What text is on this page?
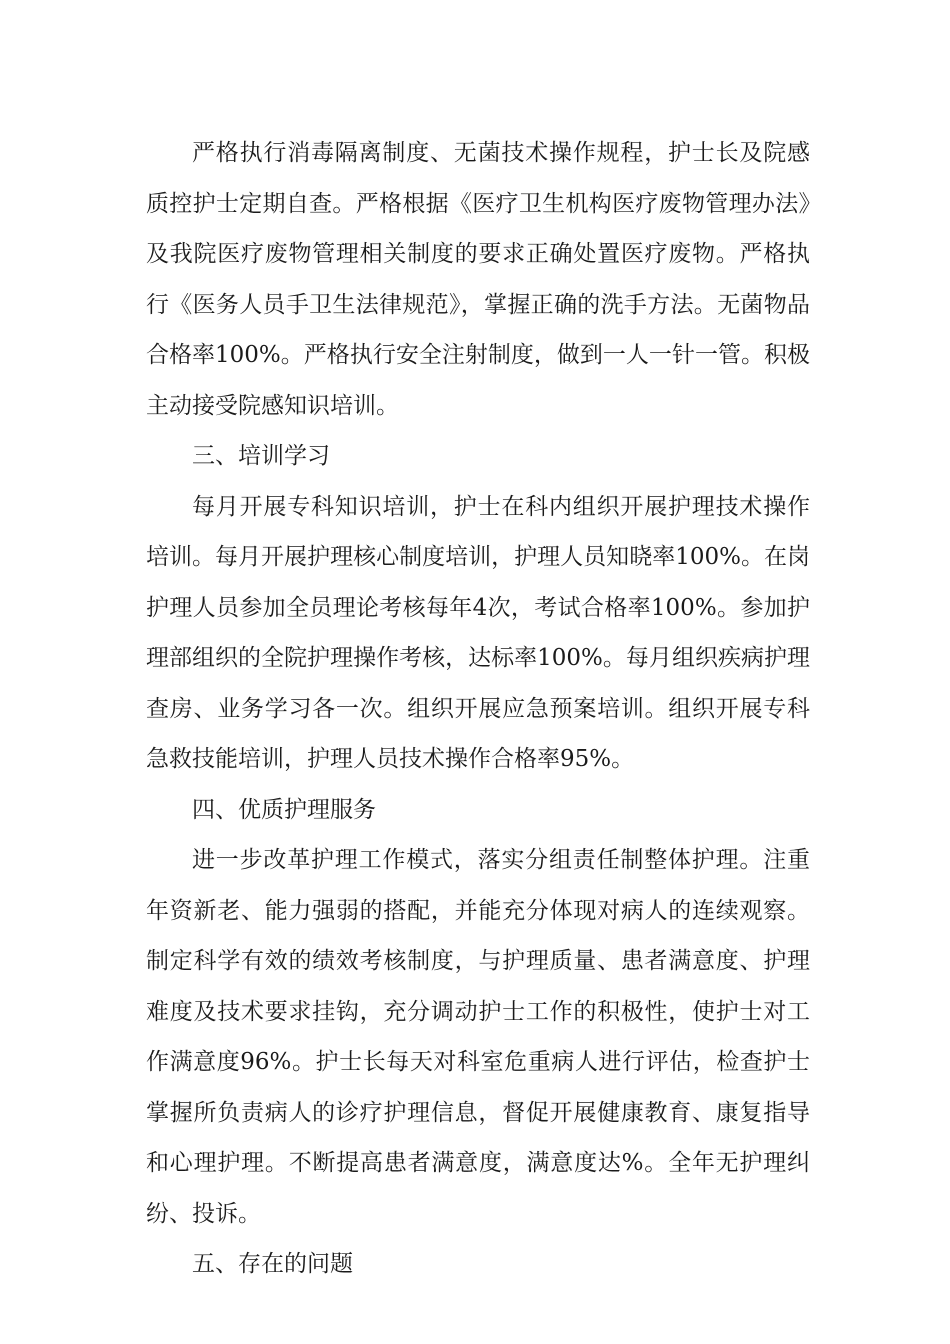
严格执行消毒隔离制度、无菌技术操作规程，护士长及院感质控护士定期自查。严格根据《医疗卫生机构医疗废物管理办法》及我院医疗废物管理相关制度的要求正确处置医疗废物。严格执行《医务人员手卫生法律规范》，掌握正确的洗手方法。无菌物品合格率100%。严格执行安全注射制度，做到一人一针一管。积极主动接受院感知识培训。

三、培训学习

每月开展专科知识培训，护士在科内组织开展护理技术操作培训。每月开展护理核心制度培训，护理人员知晓率100%。在岗护理人员参加全员理论考核每年4次，考试合格率100%。参加护理部组织的全院护理操作考核，达标率100%。每月组织疾病护理查房、业务学习各一次。组织开展应急预案培训。组织开展专科急救技能培训，护理人员技术操作合格率95%。

四、优质护理服务

进一步改革护理工作模式，落实分组责任制整体护理。注重年资新老、能力强弱的搭配，并能充分体现对病人的连续观察。制定科学有效的绩效考核制度，与护理质量、患者满意度、护理难度及技术要求挂钩，充分调动护士工作的积极性，使护士对工作满意度96%。护士长每天对科室危重病人进行评估，检查护士掌握所负责病人的诊疗护理信息，督促开展健康教育、康复指导和心理护理。不断提高患者满意度，满意度达%。全年无护理纠纷、投诉。

五、存在的问题
